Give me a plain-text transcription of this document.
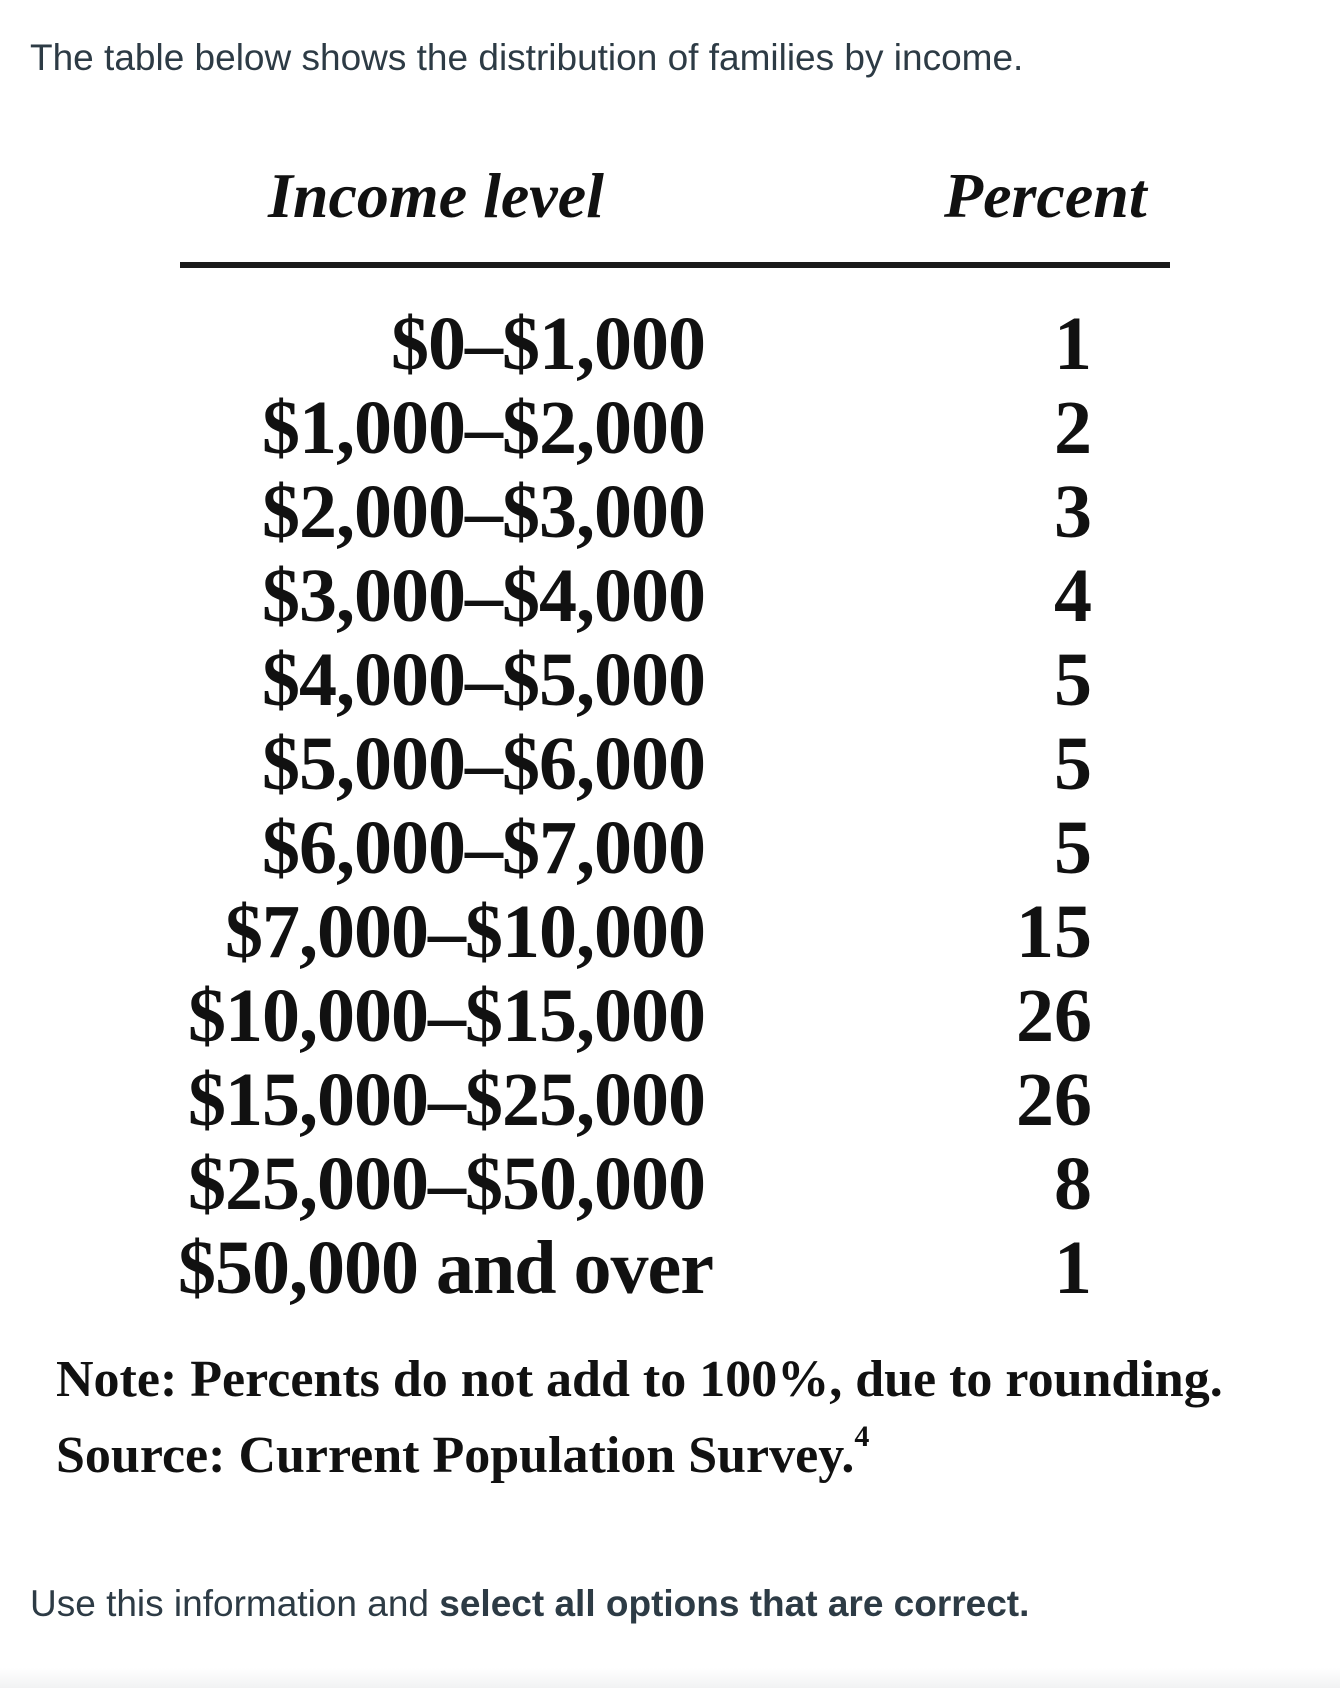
The table below shows the distribution of families by income.

Income level	Percent
$0–$1,000	1
$1,000–$2,000	2
$2,000–$3,000	3
$3,000–$4,000	4
$4,000–$5,000	5
$5,000–$6,000	5
$6,000–$7,000	5
$7,000–$10,000	15
$10,000–$15,000	26
$15,000–$25,000	26
$25,000–$50,000	8
$50,000 and over	1
Note: Percents do not add to 100%, due to rounding.
Source: Current Population Survey.$^4$

Use this information and select all options that are correct.
